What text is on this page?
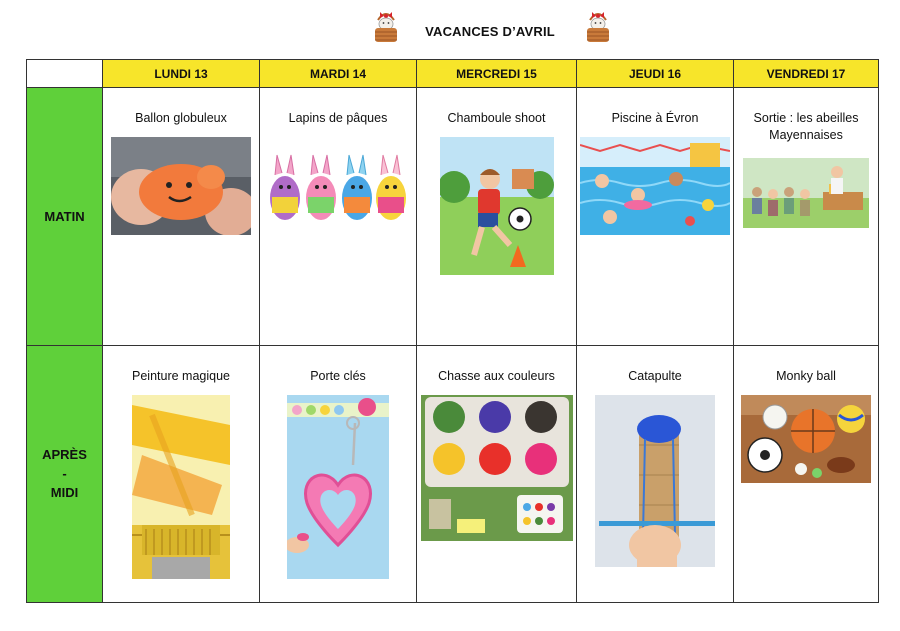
VACANCES D’AVRIL
	LUNDI 13	MARDI 14	MERCREDI 15	JEUDI 16	VENDREDI 17
MATIN	Ballon globuleux	Lapins de pâques	Chamboule shoot	Piscine à Évron	Sortie : les abeilles Mayennaises

APRÈS
-
MIDI	Peinture magique	Porte clés	Chasse aux couleurs	Catapulte	Monky ball
